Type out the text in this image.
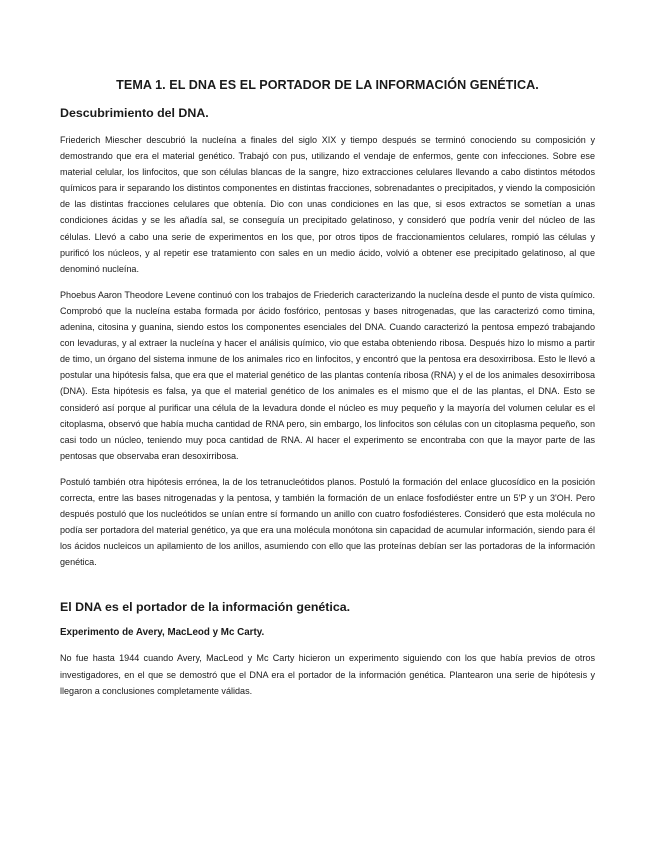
TEMA 1. EL DNA ES EL PORTADOR DE LA INFORMACIÓN GENÉTICA.
Descubrimiento del DNA.

Friederich Miescher descubrió la nucleína a finales del siglo XIX y tiempo después se terminó conociendo su composición y demostrando que era el material genético. Trabajó con pus, utilizando el vendaje de enfermos, gente con infecciones. Sobre ese material celular, los linfocitos, que son células blancas de la sangre, hizo extracciones celulares llevando a cabo distintos métodos químicos para ir separando los distintos componentes en distintas fracciones, sobrenadantes o precipitados, y viendo la composición de las distintas fracciones celulares que obtenía. Dio con unas condiciones en las que, si esos extractos se sometían a unas condiciones ácidas y se les añadía sal, se conseguía un precipitado gelatinoso, y consideró que podría venir del núcleo de las células. Llevó a cabo una serie de experimentos en los que, por otros tipos de fraccionamientos celulares, rompió las células y purificó los núcleos, y al repetir ese tratamiento con sales en un medio ácido, volvió a obtener ese precipitado gelatinoso, al que denominó nucleína.

Phoebus Aaron Theodore Levene continuó con los trabajos de Friederich caracterizando la nucleína desde el punto de vista químico. Comprobó que la nucleína estaba formada por ácido fosfórico, pentosas y bases nitrogenadas, que las caracterizó como timina, adenina, citosina y guanina, siendo estos los componentes esenciales del DNA. Cuando caracterizó la pentosa empezó trabajando con levaduras, y al extraer la nucleína y hacer el análisis químico, vio que estaba obteniendo ribosa. Después hizo lo mismo a partir de timo, un órgano del sistema inmune de los animales rico en linfocitos, y encontró que la pentosa era desoxirribosa. Esto le llevó a postular una hipótesis falsa, que era que el material genético de las plantas contenía ribosa (RNA) y el de los animales desoxirribosa (DNA). Esta hipótesis es falsa, ya que el material genético de los animales es el mismo que el de las plantas, el DNA. Esto se consideró así porque al purificar una célula de la levadura donde el núcleo es muy pequeño y la mayoría del volumen celular es el citoplasma, observó que había mucha cantidad de RNA pero, sin embargo, los linfocitos son células con un citoplasma pequeño, son casi todo un núcleo, teniendo muy poca cantidad de RNA. Al hacer el experimento se encontraba con que la mayor parte de las pentosas que observaba eran desoxirribosa.

Postuló también otra hipótesis errónea, la de los tetranucleótidos planos. Postuló la formación del enlace glucosídico en la posición correcta, entre las bases nitrogenadas y la pentosa, y también la formación de un enlace fosfodiéster entre un 5'P y un 3'OH. Pero después postuló que los nucleótidos se unían entre sí formando un anillo con cuatro fosfodiésteres. Consideró que esta molécula no podía ser portadora del material genético, ya que era una molécula monótona sin capacidad de acumular información, siendo para él los ácidos nucleicos un apilamiento de los anillos, asumiendo con ello que las proteínas debían ser las portadoras de la información genética.

El DNA es el portador de la información genética.
Experimento de Avery, MacLeod y Mc Carty.

No fue hasta 1944 cuando Avery, MacLeod y Mc Carty hicieron un experimento siguiendo con los que había previos de otros investigadores, en el que se demostró que el DNA era el portador de la información genética. Plantearon una serie de hipótesis y llegaron a conclusiones completamente válidas.
